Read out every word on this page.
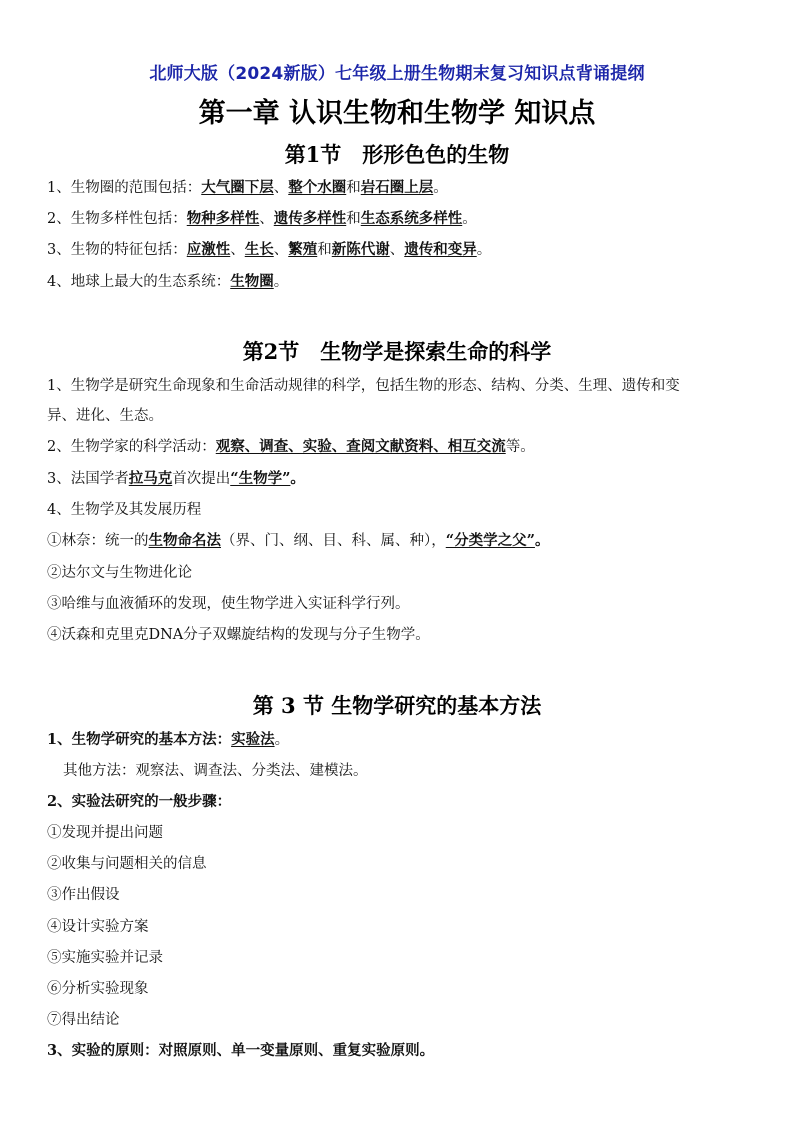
北师大版（2024新版）七年级上册生物期末复习知识点背诵提纲
第一章 认识生物和生物学 知识点
第1节　形形色色的生物
1、生物圈的范围包括：大气圈下层、整个水圈和岩石圈上层。
2、生物多样性包括：物种多样性、遗传多样性和生态系统多样性。
3、生物的特征包括：应激性、生长、繁殖和新陈代谢、遗传和变异。
4、地球上最大的生态系统：生物圈。
第2节　生物学是探索生命的科学
1、生物学是研究生命现象和生命活动规律的科学，包括生物的形态、结构、分类、生理、遗传和变
异、进化、生态。
2、生物学家的科学活动：观察、调查、实验、查阅文献资料、相互交流等。
3、法国学者拉马克首次提出“生物学”。
4、生物学及其发展历程
①林奈：统一的生物命名法（界、门、纲、目、科、属、种），“分类学之父”。
②达尔文与生物进化论
③哈维与血液循环的发现，使生物学进入实证科学行列。
④沃森和克里克DNA分子双螺旋结构的发现与分子生物学。
第 3 节 生物学研究的基本方法
1、生物学研究的基本方法：实验法。
其他方法：观察法、调查法、分类法、建模法。
2、实验法研究的一般步骤：
①发现并提出问题
②收集与问题相关的信息
③作出假设
④设计实验方案
⑤实施实验并记录
⑥分析实验现象
⑦得出结论
3、实验的原则：对照原则、单一变量原则、重复实验原则。
